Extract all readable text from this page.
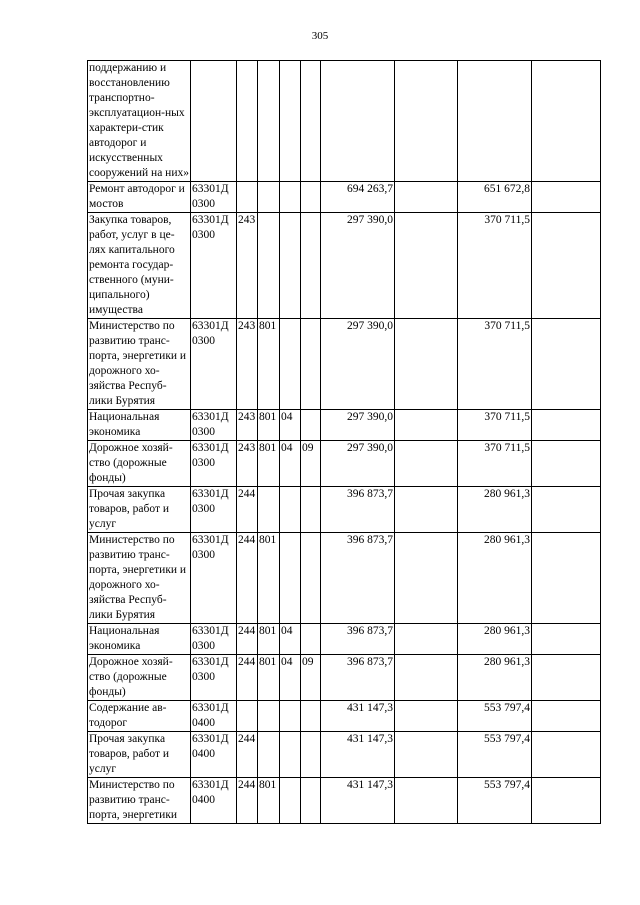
305
поддержанию и восстановлению транспортно-эксплуатацион-ных характери-стик автодорог и искусственных сооружений на них»									
Ремонт автодорог и мостов	63301Д 0300					694 263,7		651 672,8	
Закупка товаров, работ, услуг в це-лях капитального ремонта государ-ственного (муни-ципального) имущества	63301Д 0300	243				297 390,0		370 711,5	
Министерство по развитию транс-порта, энергетики и дорожного хо-зяйства Респуб-лики Бурятия	63301Д 0300	243	801			297 390,0		370 711,5	
Национальная экономика	63301Д 0300	243	801	04		297 390,0		370 711,5	
Дорожное хозяй-ство (дорожные фонды)	63301Д 0300	243	801	04	09	297 390,0		370 711,5	
Прочая закупка товаров, работ и услуг	63301Д 0300	244				396 873,7		280 961,3	
Министерство по развитию транс-порта, энергетики и дорожного хо-зяйства Респуб-лики Бурятия	63301Д 0300	244	801			396 873,7		280 961,3	
Национальная экономика	63301Д 0300	244	801	04		396 873,7		280 961,3	
Дорожное хозяй-ство (дорожные фонды)	63301Д 0300	244	801	04	09	396 873,7		280 961,3	
Содержание ав-тодорог	63301Д 0400					431 147,3		553 797,4	
Прочая закупка товаров, работ и услуг	63301Д 0400	244				431 147,3		553 797,4	
Министерство по развитию транс-порта, энергетики	63301Д 0400	244	801			431 147,3		553 797,4	
